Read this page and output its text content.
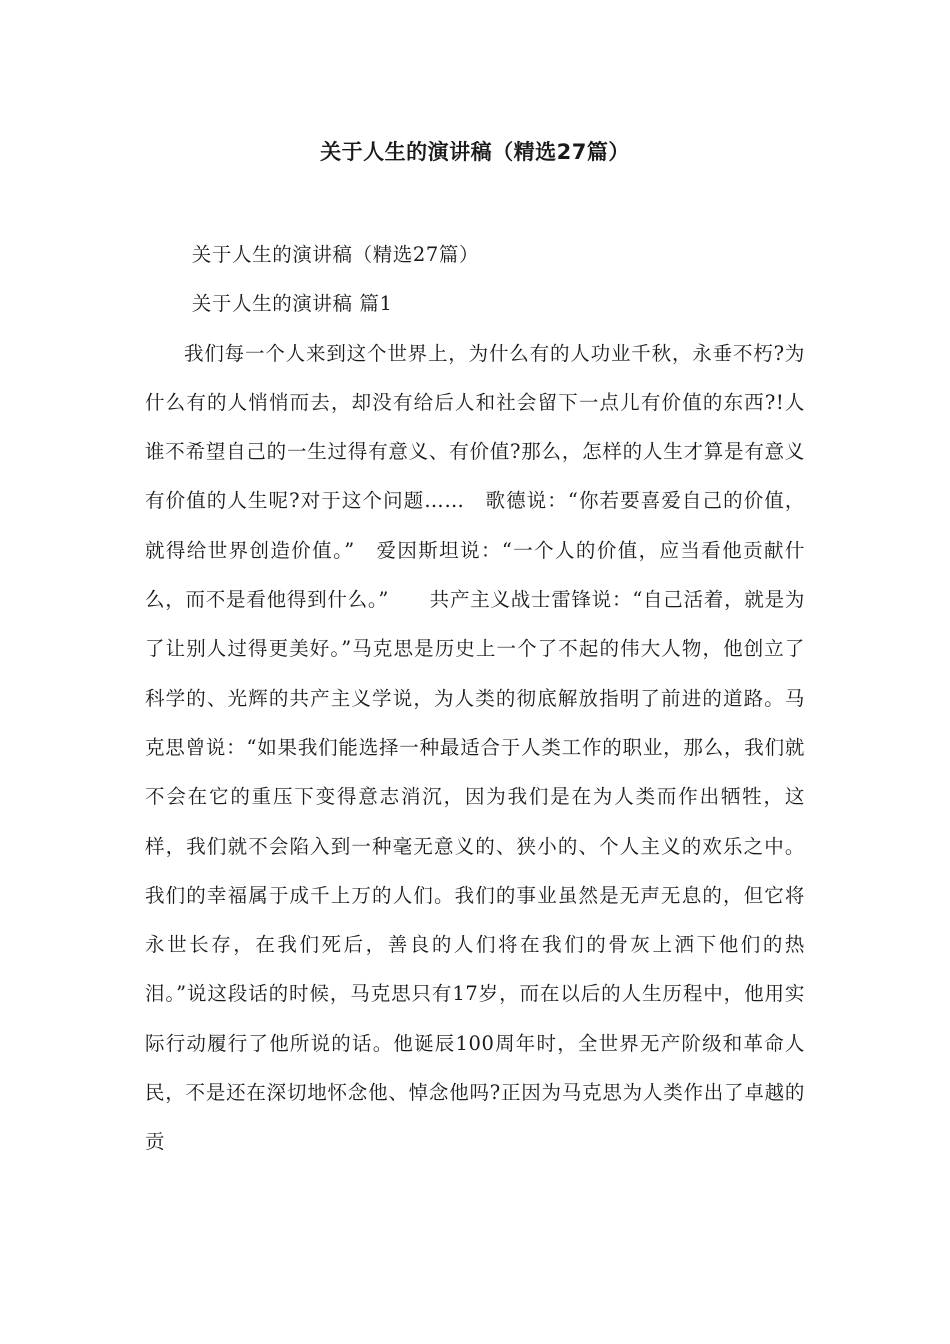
关于人生的演讲稿（精选27篇）

关于人生的演讲稿（精选27篇）

关于人生的演讲稿 篇1

我们每一个人来到这个世界上，为什么有的人功业千秋，永垂不朽?为什么有的人悄悄而去，却没有给后人和社会留下一点儿有价值的东西?!人谁不希望自己的一生过得有意义、有价值?那么，怎样的人生才算是有意义有价值的人生呢?对于这个问题……　歌德说：“你若要喜爱自己的价值，就得给世界创造价值。”　爱因斯坦说：“一个人的价值，应当看他贡献什么，而不是看他得到什么。”　　共产主义战士雷锋说：“自己活着，就是为了让别人过得更美好。”马克思是历史上一个了不起的伟大人物，他创立了科学的、光辉的共产主义学说，为人类的彻底解放指明了前进的道路。马克思曾说：“如果我们能选择一种最适合于人类工作的职业，那么，我们就不会在它的重压下变得意志消沉，因为我们是在为人类而作出牺牲，这样，我们就不会陷入到一种毫无意义的、狭小的、个人主义的欢乐之中。我们的幸福属于成千上万的人们。我们的事业虽然是无声无息的，但它将永世长存，在我们死后，善良的人们将在我们的骨灰上洒下他们的热泪。”说这段话的时候，马克思只有17岁，而在以后的人生历程中，他用实际行动履行了他所说的话。他诞辰100周年时，全世界无产阶级和革命人民，不是还在深切地怀念他、悼念他吗?正因为马克思为人类作出了卓越的贡
